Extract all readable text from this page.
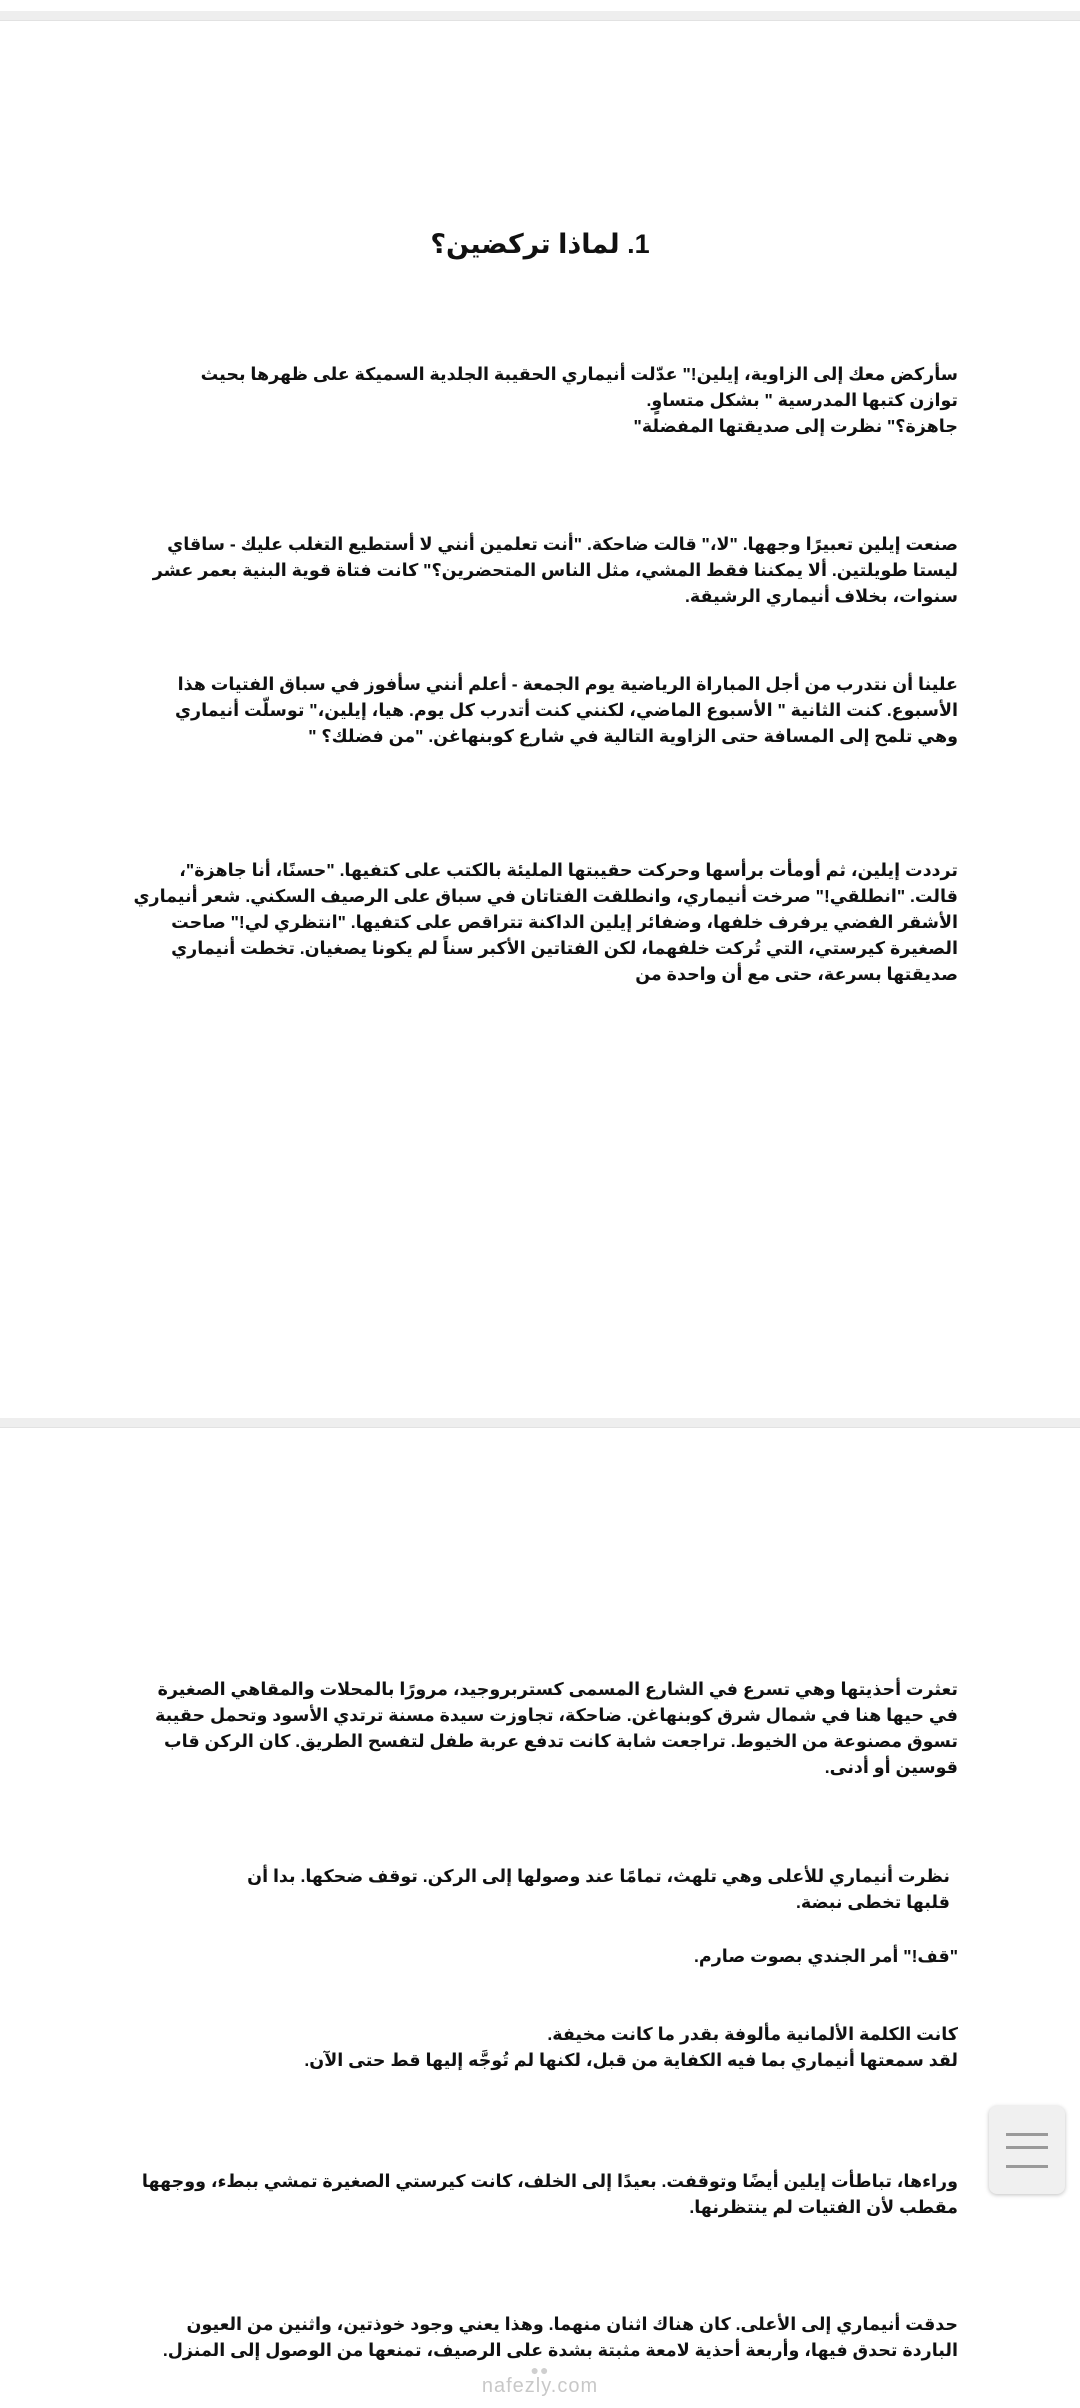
1. لماذا تركضين؟

سأركض معك إلى الزاوية، إيلين!" عدّلت أنيماري الحقيبة الجلدية السميكة على ظهرها بحيث توازن كتبها المدرسية " بشكل متساوٍ.
جاهزة؟" نظرت إلى صديقتها المفضلة"

صنعت إيلين تعبيرًا وجهها. "لا،" قالت ضاحكة. "أنت تعلمين أنني لا أستطيع التغلب عليك - ساقاي ليستا طويلتين. ألا يمكننا فقط المشي، مثل الناس المتحضرين؟" كانت فتاة قوية البنية بعمر عشر سنوات، بخلاف أنيماري الرشيقة.

علينا أن نتدرب من أجل المباراة الرياضية يوم الجمعة - أعلم أنني سأفوز في سباق الفتيات هذا الأسبوع. كنت الثانية " الأسبوع الماضي، لكنني كنت أتدرب كل يوم. هيا، إيلين،" توسلّت أنيماري وهي تلمح إلى المسافة حتى الزاوية التالية في شارع كوبنهاغن. "من فضلك؟ "

ترددت إيلين، ثم أومأت برأسها وحركت حقيبتها المليئة بالكتب على كتفيها. "حسنًا، أنا جاهزة"، قالت. "انطلقي!" صرخت أنيماري، وانطلقت الفتاتان في سباق على الرصيف السكني. شعر أنيماري الأشقر الفضي يرفرف خلفها، وضفائر إيلين الداكنة تتراقص على كتفيها. "انتظري لي!" صاحت الصغيرة كيرستي، التي تُركت خلفهما، لكن الفتاتين الأكبر سناً لم يكونا يصغيان. تخطت أنيماري صديقتها بسرعة، حتى مع أن واحدة من

تعثرت أحذيتها وهي تسرع في الشارع المسمى كستربروجيد، مرورًا بالمحلات والمقاهي الصغيرة في حيها هنا في شمال شرق كوبنهاغن. ضاحكة، تجاوزت سيدة مسنة ترتدي الأسود وتحمل حقيبة تسوق مصنوعة من الخيوط. تراجعت شابة كانت تدفع عربة طفل لتفسح الطريق. كان الركن قاب قوسين أو أدنى.

نظرت أنيماري للأعلى وهي تلهث، تمامًا عند وصولها إلى الركن. توقف ضحكها. بدا أن قلبها تخطى نبضة.

"قف!" أمر الجندي بصوت صارم.

كانت الكلمة الألمانية مألوفة بقدر ما كانت مخيفة.
لقد سمعتها أنيماري بما فيه الكفاية من قبل، لكنها لم تُوجَّه إليها قط حتى الآن.

وراءها، تباطأت إيلين أيضًا وتوقفت. بعيدًا إلى الخلف، كانت كيرستي الصغيرة تمشي ببطء، ووجهها مقطب لأن الفتيات لم ينتظرنها.

حدقت أنيماري إلى الأعلى. كان هناك اثنان منهما. وهذا يعني وجود خوذتين، واثنين من العيون الباردة تحدق فيها، وأربعة أحذية لامعة مثبتة بشدة على الرصيف، تمنعها من الوصول إلى المنزل.

●●
nafezly.com
